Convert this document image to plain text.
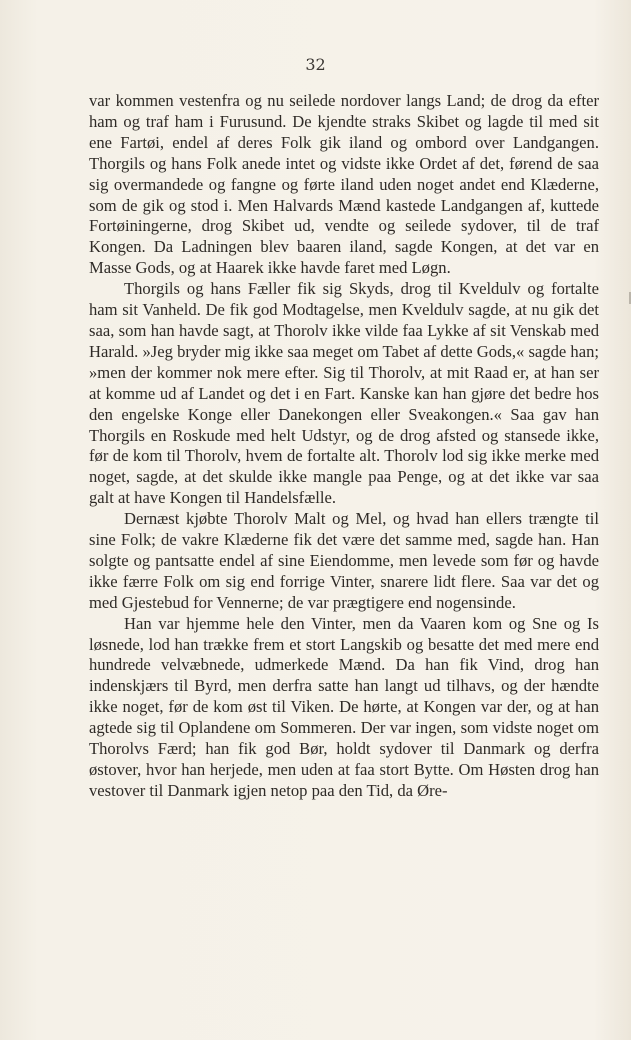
32

var kommen vestenfra og nu seilede nordover langs Land; de drog da efter ham og traf ham i Furusund. De kjendte straks Skibet og lagde til med sit ene Fartøi, endel af deres Folk gik iland og ombord over Landgangen. Thorgils og hans Folk anede intet og vidste ikke Ordet af det, førend de saa sig overmandede og fangne og førte iland uden noget andet end Klæderne, som de gik og stod i. Men Halvards Mænd kastede Landgangen af, kuttede Fortøiningerne, drog Skibet ud, vendte og seilede sydover, til de traf Kongen. Da Ladningen blev baaren iland, sagde Kongen, at det var en Masse Gods, og at Haarek ikke havde faret med Løgn.

Thorgils og hans Fæller fik sig Skyds, drog til Kveldulv og fortalte ham sit Vanheld. De fik god Modtagelse, men Kveldulv sagde, at nu gik det saa, som han havde sagt, at Thorolv ikke vilde faa Lykke af sit Venskab med Harald. »Jeg bryder mig ikke saa meget om Tabet af dette Gods,« sagde han; »men der kommer nok mere efter. Sig til Thorolv, at mit Raad er, at han ser at komme ud af Landet og det i en Fart. Kanske kan han gjøre det bedre hos den engelske Konge eller Danekongen eller Sveakongen.« Saa gav han Thorgils en Roskude med helt Udstyr, og de drog afsted og stansede ikke, før de kom til Thorolv, hvem de fortalte alt. Thorolv lod sig ikke merke med noget, sagde, at det skulde ikke mangle paa Penge, og at det ikke var saa galt at have Kongen til Handelsfælle.

Dernæst kjøbte Thorolv Malt og Mel, og hvad han ellers trængte til sine Folk; de vakre Klæderne fik det være det samme med, sagde han. Han solgte og pantsatte endel af sine Eiendomme, men levede som før og havde ikke færre Folk om sig end forrige Vinter, snarere lidt flere. Saa var det og med Gjestebud for Vennerne; de var prægtigere end nogensinde.

Han var hjemme hele den Vinter, men da Vaaren kom og Sne og Is løsnede, lod han trække frem et stort Langskib og besatte det med mere end hundrede velvæbnede, udmerkede Mænd. Da han fik Vind, drog han indenskjærs til Byrd, men derfra satte han langt ud tilhavs, og der hændte ikke noget, før de kom øst til Viken. De hørte, at Kongen var der, og at han agtede sig til Oplandene om Sommeren. Der var ingen, som vidste noget om Thorolvs Færd; han fik god Bør, holdt sydover til Danmark og derfra østover, hvor han herjede, men uden at faa stort Bytte. Om Høsten drog han vestover til Danmark igjen netop paa den Tid, da Øre-
